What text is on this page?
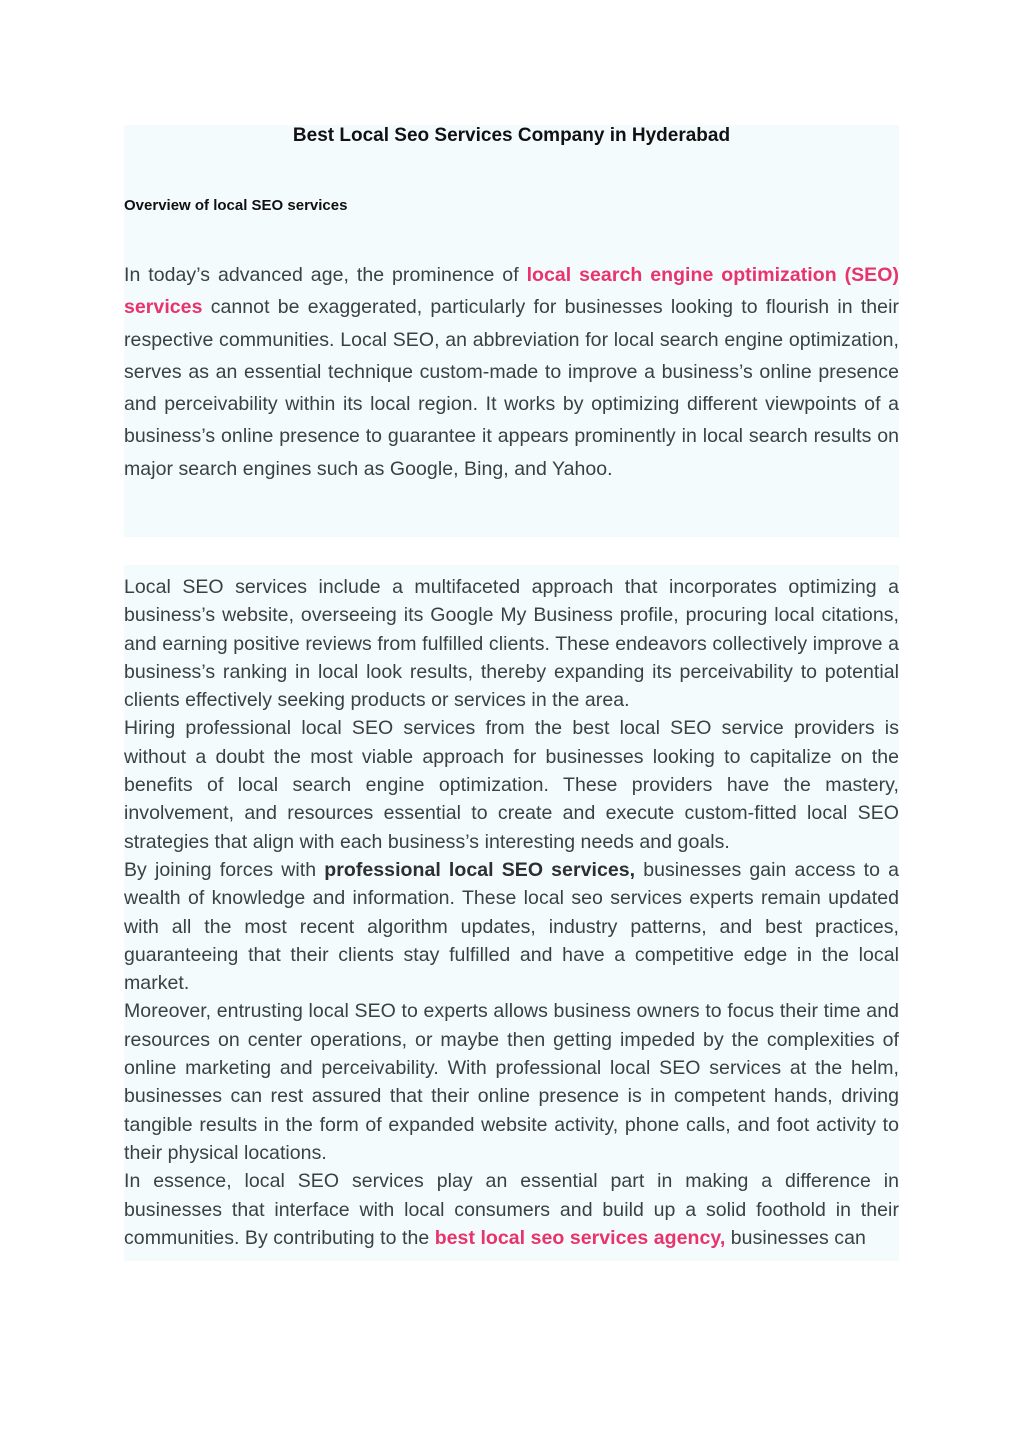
Best Local Seo Services Company in Hyderabad
Overview of local SEO services

In today’s advanced age, the prominence of local search engine optimization (SEO) services cannot be exaggerated, particularly for businesses looking to flourish in their respective communities. Local SEO, an abbreviation for local search engine optimization, serves as an essential technique custom-made to improve a business’s online presence and perceivability within its local region. It works by optimizing different viewpoints of a business’s online presence to guarantee it appears prominently in local search results on major search engines such as Google, Bing, and Yahoo.

Local SEO services include a multifaceted approach that incorporates optimizing a business’s website, overseeing its Google My Business profile, procuring local citations, and earning positive reviews from fulfilled clients. These endeavors collectively improve a business’s ranking in local look results, thereby expanding its perceivability to potential clients effectively seeking products or services in the area.

Hiring professional local SEO services from the best local SEO service providers is without a doubt the most viable approach for businesses looking to capitalize on the benefits of local search engine optimization. These providers have the mastery, involvement, and resources essential to create and execute custom-fitted local SEO strategies that align with each business’s interesting needs and goals.

By joining forces with professional local SEO services, businesses gain access to a wealth of knowledge and information. These local seo services experts remain updated with all the most recent algorithm updates, industry patterns, and best practices, guaranteeing that their clients stay fulfilled and have a competitive edge in the local market.

Moreover, entrusting local SEO to experts allows business owners to focus their time and resources on center operations, or maybe then getting impeded by the complexities of online marketing and perceivability. With professional local SEO services at the helm, businesses can rest assured that their online presence is in competent hands, driving tangible results in the form of expanded website activity, phone calls, and foot activity to their physical locations.

In essence, local SEO services play an essential part in making a difference in businesses that interface with local consumers and build up a solid foothold in their communities. By contributing to the best local seo services agency, businesses can
